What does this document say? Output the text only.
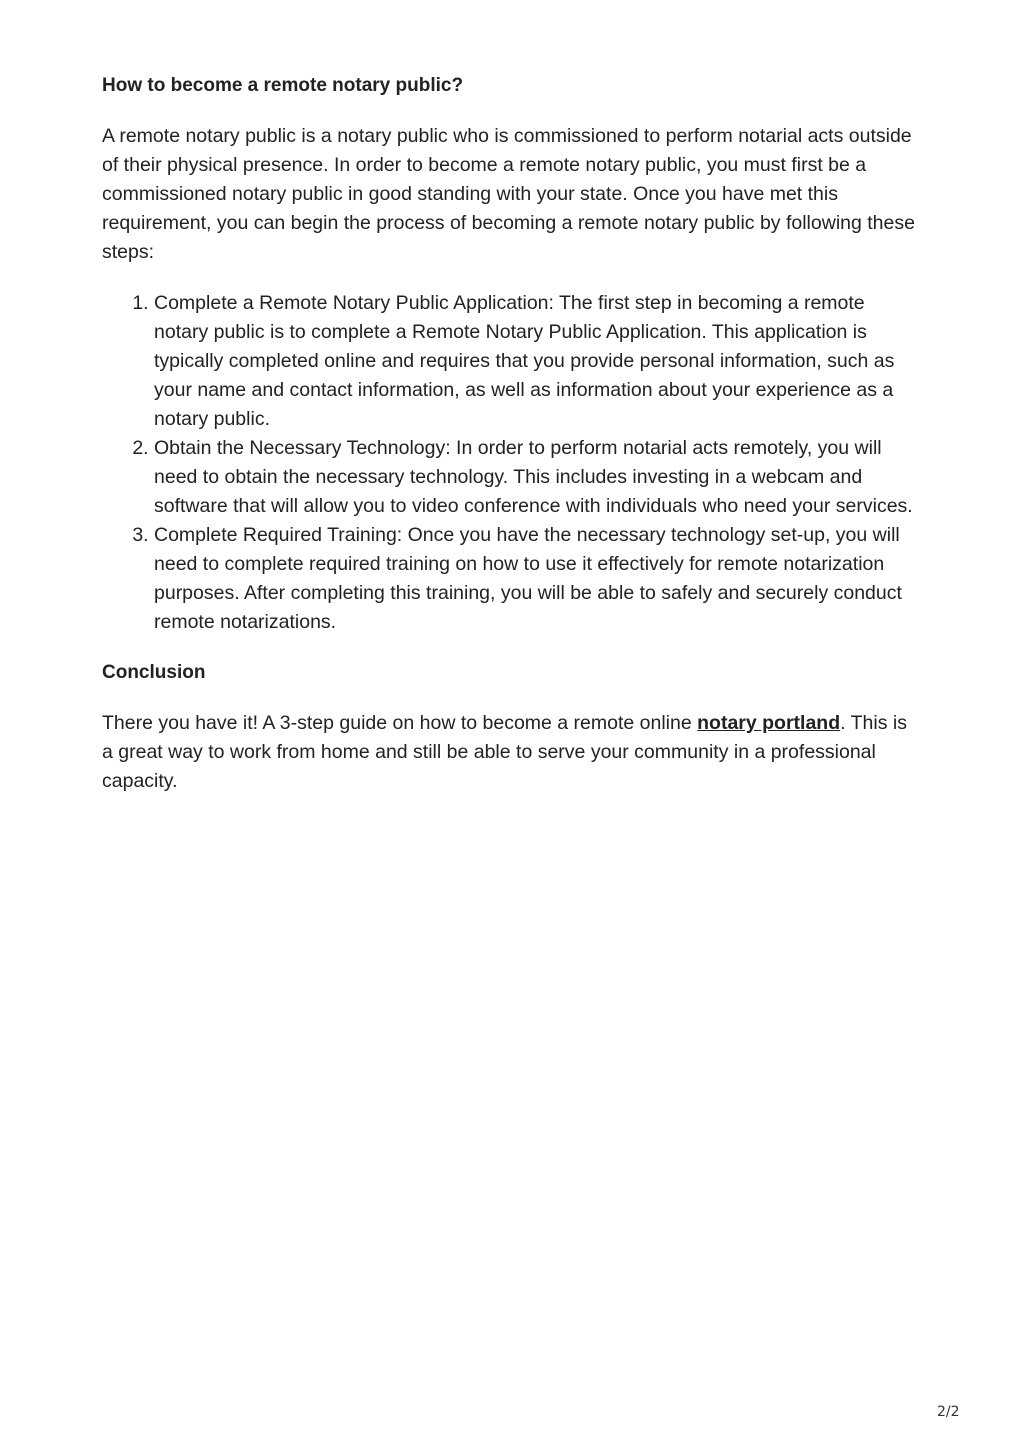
How to become a remote notary public?

A remote notary public is a notary public who is commissioned to perform notarial acts outside of their physical presence. In order to become a remote notary public, you must first be a commissioned notary public in good standing with your state. Once you have met this requirement, you can begin the process of becoming a remote notary public by following these steps:

1. Complete a Remote Notary Public Application: The first step in becoming a remote notary public is to complete a Remote Notary Public Application. This application is typically completed online and requires that you provide personal information, such as your name and contact information, as well as information about your experience as a notary public.
2. Obtain the Necessary Technology: In order to perform notarial acts remotely, you will need to obtain the necessary technology. This includes investing in a webcam and software that will allow you to video conference with individuals who need your services.
3. Complete Required Training: Once you have the necessary technology set-up, you will need to complete required training on how to use it effectively for remote notarization purposes. After completing this training, you will be able to safely and securely conduct remote notarizations.
Conclusion

There you have it! A 3-step guide on how to become a remote online notary portland. This is a great way to work from home and still be able to serve your community in a professional capacity.

2/2
